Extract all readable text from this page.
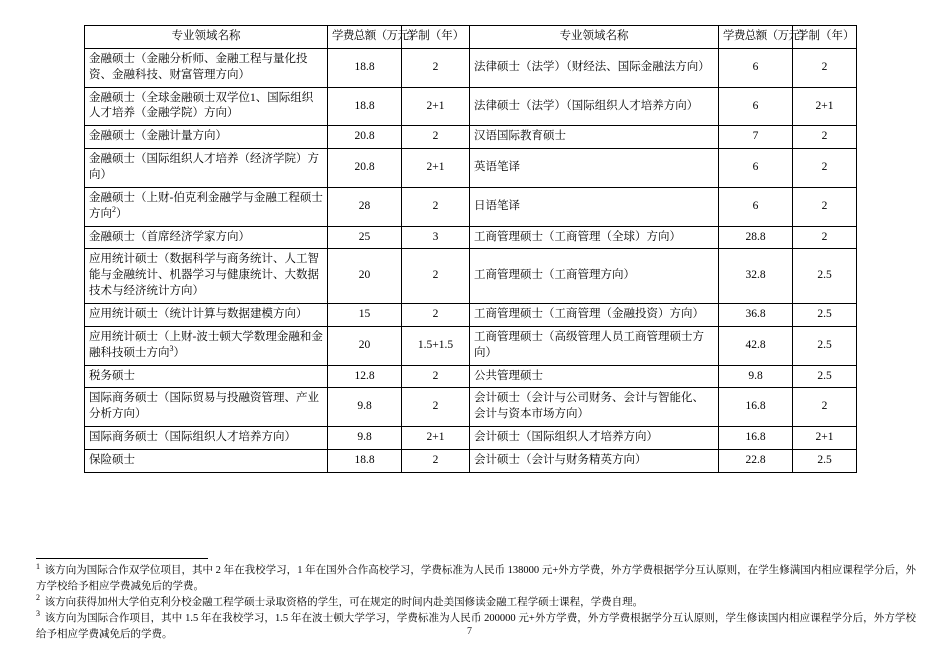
专业领域名称	学费总额（万元）	学制（年）	专业领域名称	学费总额（万元）	学制（年）
金融硕士（金融分析师、金融工程与量化投资、金融科技、财富管理方向）	18.8	2	法律硕士（法学）（财经法、国际金融法方向）	6	2
金融硕士（全球金融硕士双学位1、国际组织人才培养（金融学院）方向）	18.8	2+1	法律硕士（法学）（国际组织人才培养方向）	6	2+1
金融硕士（金融计量方向）	20.8	2	汉语国际教育硕士	7	2
金融硕士（国际组织人才培养（经济学院）方向）	20.8	2+1	英语笔译	6	2
金融硕士（上财-伯克利金融学与金融工程硕士方向$^2$）	28	2	日语笔译	6	2
金融硕士（首席经济学家方向）	25	3	工商管理硕士（工商管理（全球）方向）	28.8	2
应用统计硕士（数据科学与商务统计、人工智能与金融统计、机器学习与健康统计、大数据技术与经济统计方向）	20	2	工商管理硕士（工商管理方向）	32.8	2.5
应用统计硕士（统计计算与数据建模方向）	15	2	工商管理硕士（工商管理（金融投资）方向）	36.8	2.5
应用统计硕士（上财-波士顿大学数理金融和金融科技硕士方向$^3$）	20	1.5+1.5	工商管理硕士（高级管理人员工商管理硕士方向）	42.8	2.5
税务硕士	12.8	2	公共管理硕士	9.8	2.5
国际商务硕士（国际贸易与投融资管理、产业分析方向）	9.8	2	会计硕士（会计与公司财务、会计与智能化、会计与资本市场方向）	16.8	2
国际商务硕士（国际组织人才培养方向）	9.8	2+1	会计硕士（国际组织人才培养方向）	16.8	2+1
保险硕士	18.8	2	会计硕士（会计与财务精英方向）	22.8	2.5

$^1$ 该方向为国际合作双学位项目，其中 2 年在我校学习，1 年在国外合作高校学习，学费标准为人民币 138000 元+外方学费，外方学费根据学分互认原则，在学生修满国内相应课程学分后，外方学校给予相应学费减免后的学费。

$^2$ 该方向获得加州大学伯克利分校金融工程学硕士录取资格的学生，可在规定的时间内赴美国修读金融工程学硕士课程，学费自理。

$^3$ 该方向为国际合作项目，其中 1.5 年在我校学习，1.5 年在波士顿大学学习，学费标准为人民币 200000 元+外方学费，外方学费根据学分互认原则，学生修读国内相应课程学分后，外方学校给予相应学费减免后的学费。	7
